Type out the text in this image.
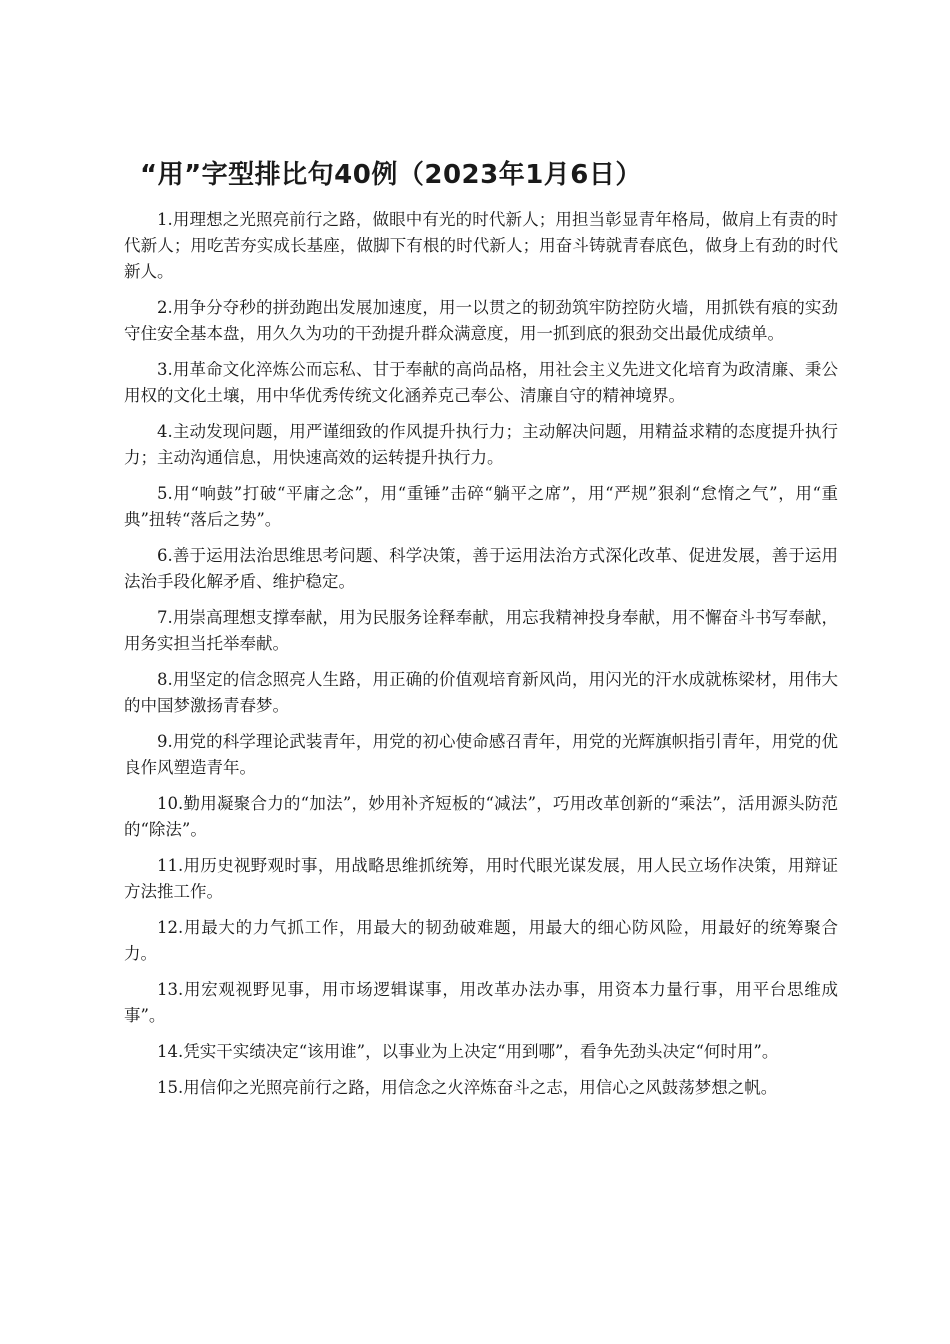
“用”字型排比句40例（2023年1月6日）

1.用理想之光照亮前行之路，做眼中有光的时代新人；用担当彰显青年格局，做肩上有责的时代新人；用吃苦夯实成长基座，做脚下有根的时代新人；用奋斗铸就青春底色，做身上有劲的时代新人。

2.用争分夺秒的拼劲跑出发展加速度，用一以贯之的韧劲筑牢防控防火墙，用抓铁有痕的实劲守住安全基本盘，用久久为功的干劲提升群众满意度，用一抓到底的狠劲交出最优成绩单。

3.用革命文化淬炼公而忘私、甘于奉献的高尚品格，用社会主义先进文化培育为政清廉、秉公用权的文化土壤，用中华优秀传统文化涵养克己奉公、清廉自守的精神境界。

4.主动发现问题，用严谨细致的作风提升执行力；主动解决问题，用精益求精的态度提升执行力；主动沟通信息，用快速高效的运转提升执行力。

5.用“响鼓”打破“平庸之念”，用“重锤”击碎“躺平之席”，用“严规”狠刹“怠惰之气”，用“重典”扭转“落后之势”。

6.善于运用法治思维思考问题、科学决策，善于运用法治方式深化改革、促进发展，善于运用法治手段化解矛盾、维护稳定。

7.用崇高理想支撑奉献，用为民服务诠释奉献，用忘我精神投身奉献，用不懈奋斗书写奉献，用务实担当托举奉献。

8.用坚定的信念照亮人生路，用正确的价值观培育新风尚，用闪光的汗水成就栋梁材，用伟大的中国梦激扬青春梦。

9.用党的科学理论武装青年，用党的初心使命感召青年，用党的光辉旗帜指引青年，用党的优良作风塑造青年。

10.勤用凝聚合力的“加法”，妙用补齐短板的“减法”，巧用改革创新的“乘法”，活用源头防范的“除法”。

11.用历史视野观时事，用战略思维抓统筹，用时代眼光谋发展，用人民立场作决策，用辩证方法推工作。

12.用最大的力气抓工作，用最大的韧劲破难题，用最大的细心防风险，用最好的统筹聚合力。

13.用宏观视野见事，用市场逻辑谋事，用改革办法办事，用资本力量行事，用平台思维成事”。

14.凭实干实绩决定“该用谁”，以事业为上决定“用到哪”，看争先劲头决定“何时用”。

15.用信仰之光照亮前行之路，用信念之火淬炼奋斗之志，用信心之风鼓荡梦想之帆。
